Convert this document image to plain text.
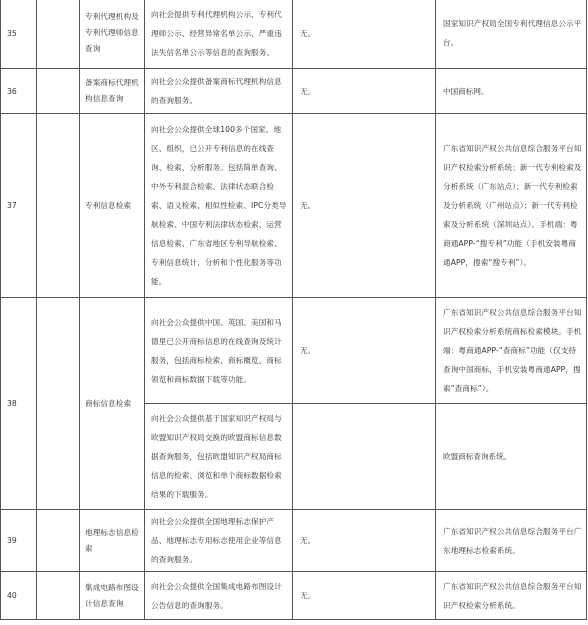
35		专利代理机构及专利代理师信息查询	向社会提供专利代理机构公示、专利代理师公示、经营异常名单公示、严重违法失信名单公示等信息的查询服务。	无。	国家知识产权局全国专利代理信息公示平台。

36		备案商标代理机构信息查询	向社会公众提供备案商标代理机构信息的查询服务。	无。	中国商标网。
37		专利信息检索	向社会公众提供全球100多个国家、地区、组织，已公开专利信息的在线查询、检索、分析服务。包括简单查询、中外专利混合检索、法律状态联合检索、语义检索、相似性检索、IPC分类导航检索、中国专利法律状态检索、运营信息检索、广东省地区专利导航检索、专利信息统计、分析和个性化服务等功能。	无。	广东省知识产权公共信息综合服务平台知识产权检索分析系统；新一代专利检索及分析系统（广东站点）；新一代专利检索及分析系统（广州站点）；新一代专利检索及分析系统（深圳站点）。手机端：粤商通APP-“搜专利”功能（手机安装粤商通APP，搜索“搜专利”）。

38		商标信息检索	向社会公众提供中国、英国、美国和马德里已公开商标信息的在线查询及统计服务，包括商标检索、商标概览、商标领览和商标数据下载等功能。	无。	广东省知识产权公共信息综合服务平台知识产权检索分析系统商标检索模块。手机端：粤商通APP-“查商标”功能（仅支持查询中国商标，手机安装粤商通APP，搜索“查商标”）。

			向社会公众提供基于国家知识产权局与欧盟知识产权局交换的欧盟商标信息数据查询服务，包括欧盟知识产权局商标信息的检索、浏览和单个商标数据检索结果的下载服务。		欧盟商标查询系统。
39		地理标志信息检索	向社会公众提供全国地理标志保护产品、地理标志专用标志使用企业等信息的查询服务。	无。	广东省知识产权公共信息综合服务平台广东地理标志检索系统。

40		集成电路布图设计信息查询	向社会公众提供全国集成电路布图设计公告信息的查询服务。	无。	广东省知识产权公共信息综合服务平台知识产权检索分析系统。
